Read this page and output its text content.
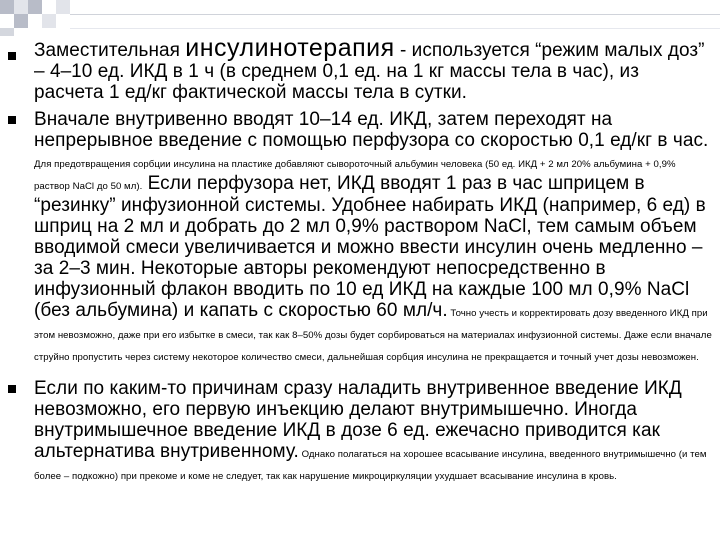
Заместительная инсулинотерапия - используется “режим малых доз” – 4–10 ед. ИКД в 1 ч (в среднем 0,1 ед. на 1 кг массы тела в час), из расчета 1 ед/кг фактической массы тела в сутки.

Вначале внутривенно вводят 10–14 ед. ИКД, затем переходят на непрерывное введение с помощью перфузора со скоростью 0,1 ед/кг в час. Для предотвращения сорбции инсулина на пластике добавляют сывороточный альбумин человека (50 ед. ИКД + 2 мл 20% альбумина + 0,9% раствор NaCl до 50 мл). Если перфузора нет, ИКД вводят 1 раз в час шприцем в “резинку” инфузионной системы. Удобнее набирать ИКД (например, 6 ед) в шприц на 2 мл и добрать до 2 мл 0,9% раствором NaCl, тем самым объем вводимой смеси увеличивается и можно ввести инсулин очень медленно – за 2–3 мин. Некоторые авторы рекомендуют непосредственно в инфузионный флакон вводить по 10 ед ИКД на каждые 100 мл 0,9% NaCl (без альбумина) и капать с скоростью 60 мл/ч. Точно учесть и корректировать дозу введенного ИКД при этом невозможно, даже при его избытке в смеси, так как 8–50% дозы будет сорбироваться на материалах инфузионной системы. Даже если вначале струйно пропустить через систему некоторое количество смеси, дальнейшая сорбция инсулина не прекращается и точный учет дозы невозможен.

Если по каким-то причинам сразу наладить внутривенное введение ИКД невозможно, его первую инъекцию делают внутримышечно. Иногда внутримышечное введение ИКД в дозе 6 ед. ежечасно приводится как альтернатива внутривенному. Однако полагаться на хорошее всасывание инсулина, введенного внутримышечно (и тем более – подкожно) при прекоме и коме не следует, так как нарушение микроциркуляции ухудшает всасывание инсулина в кровь.
